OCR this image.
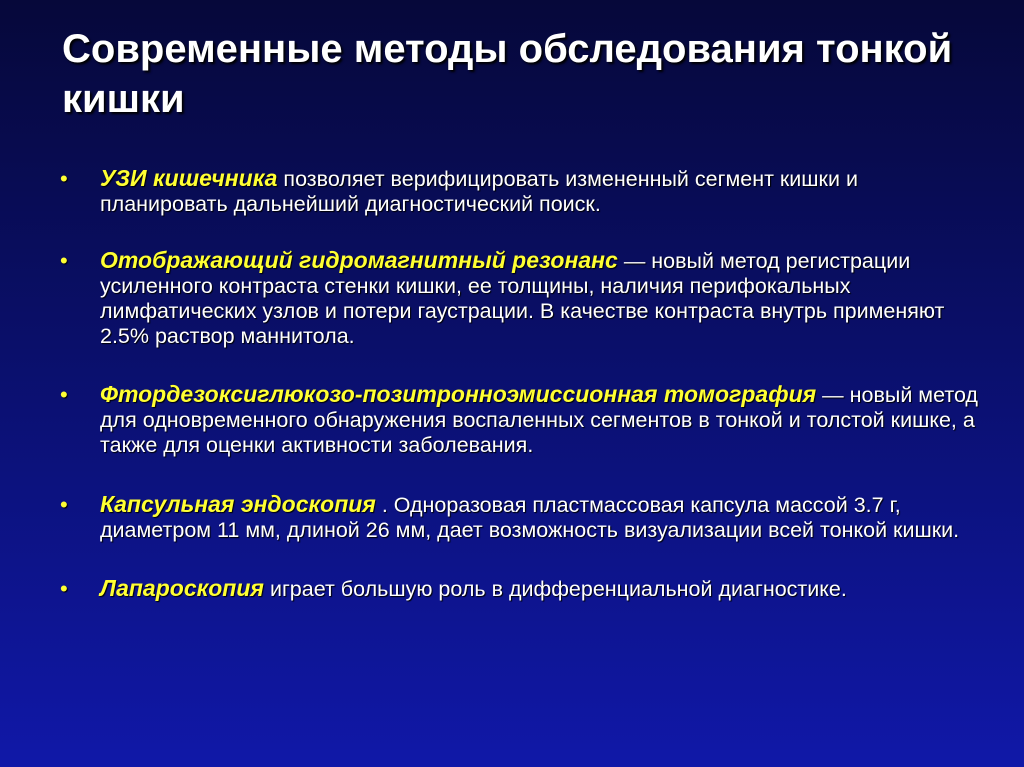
Современные методы обследования тонкой кишки
• УЗИ кишечника позволяет верифицировать измененный сегмент кишки и планировать дальнейший диагностический поиск.
• Отображающий гидромагнитный резонанс — новый метод регистрации усиленного контраста стенки кишки, ее толщины, наличия перифокальных лимфатических узлов и потери гаустрации. В качестве контраста внутрь применяют 2.5% раствор маннитола.
• Фтордезоксиглюкозо-позитронноэмиссионная томография — новый метод для одновременного обнаружения воспаленных сегментов в тонкой и толстой кишке, а также для оценки активности заболевания.
• Капсульная эндоскопия . Одноразовая пластмассовая капсула массой 3.7 г, диаметром 11 мм, длиной 26 мм, дает возможность визуализации всей тонкой кишки.
• Лапароскопия играет большую роль в дифференциальной диагностике.
